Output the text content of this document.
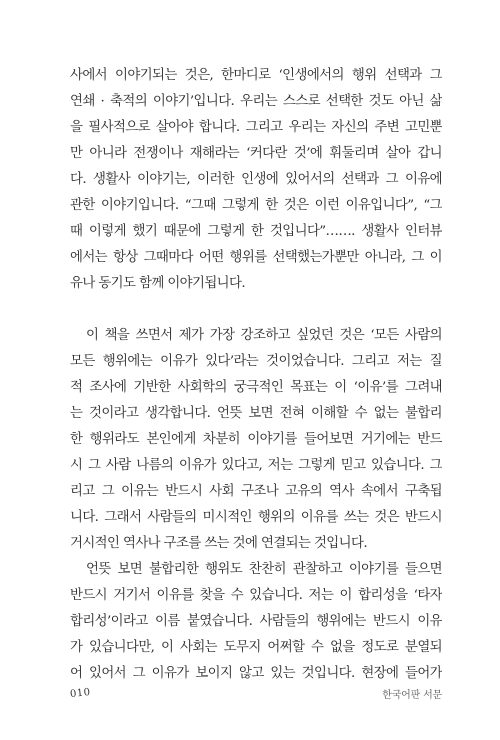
사에서 이야기되는 것은, 한마디로 ‘인생에서의 행위 선택과 그
연쇄 · 축적의 이야기’입니다. 우리는 스스로 선택한 것도 아닌 삶
을 필사적으로 살아야 합니다. 그리고 우리는 자신의 주변 고민뿐
만 아니라 전쟁이나 재해라는 ‘커다란 것’에 휘둘리며 살아 갑니
다. 생활사 이야기는, 이러한 인생에 있어서의 선택과 그 이유에
관한 이야기입니다. “그때 그렇게 한 것은 이런 이유입니다”, “그
때 이렇게 했기 때문에 그렇게 한 것입니다”……. 생활사 인터뷰
에서는 항상 그때마다 어떤 행위를 선택했는가뿐만 아니라, 그 이
유나 동기도 함께 이야기됩니다.
이 책을 쓰면서 제가 가장 강조하고 싶었던 것은 ‘모든 사람의
모든 행위에는 이유가 있다’라는 것이었습니다. 그리고 저는 질
적 조사에 기반한 사회학의 궁극적인 목표는 이 ‘이유’를 그려내
는 것이라고 생각합니다. 언뜻 보면 전혀 이해할 수 없는 불합리
한 행위라도 본인에게 차분히 이야기를 들어보면 거기에는 반드
시 그 사람 나름의 이유가 있다고, 저는 그렇게 믿고 있습니다. 그
리고 그 이유는 반드시 사회 구조나 고유의 역사 속에서 구축됩
니다. 그래서 사람들의 미시적인 행위의 이유를 쓰는 것은 반드시
거시적인 역사나 구조를 쓰는 것에 연결되는 것입니다.
언뜻 보면 불합리한 행위도 찬찬히 관찰하고 이야기를 들으면
반드시 거기서 이유를 찾을 수 있습니다. 저는 이 합리성을 ‘타자
합리성’이라고 이름 붙였습니다. 사람들의 행위에는 반드시 이유
가 있습니다만, 이 사회는 도무지 어쩌할 수 없을 정도로 분열되
어 있어서 그 이유가 보이지 않고 있는 것입니다. 현장에 들어가
010	한국어판 서문
